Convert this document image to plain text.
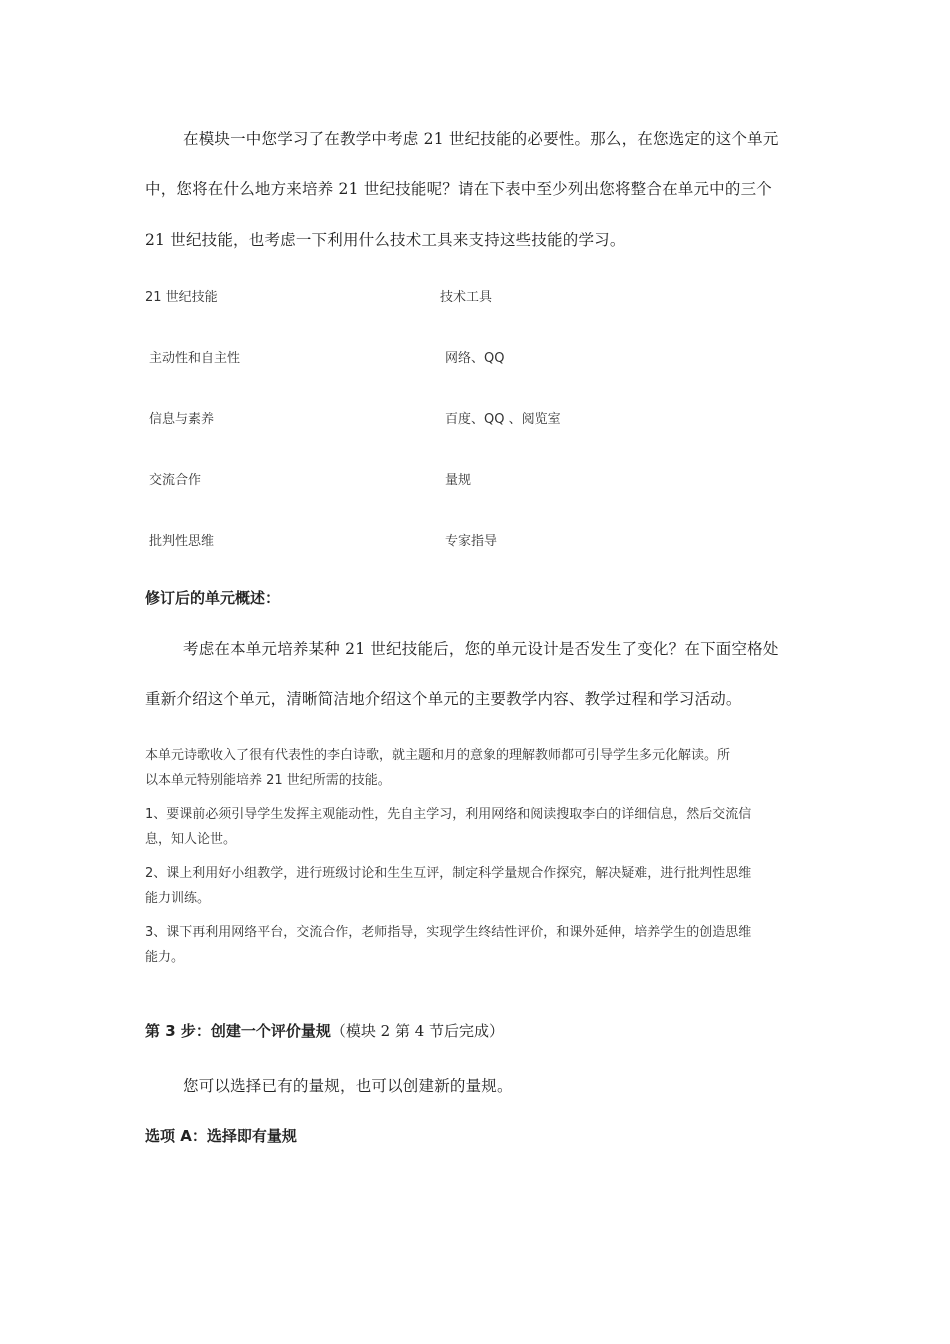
在模块一中您学习了在教学中考虑 21 世纪技能的必要性。那么，在您选定的这个单元
中，您将在什么地方来培养 21 世纪技能呢？请在下表中至少列出您将整合在单元中的三个
21 世纪技能，也考虑一下利用什么技术工具来支持这些技能的学习。
21 世纪技能	技术工具
主动性和自主性	网络、QQ
信息与素养	百度、QQ 、阅览室
交流合作	量规
批判性思维	专家指导
修订后的单元概述：
考虑在本单元培养某种 21 世纪技能后，您的单元设计是否发生了变化？在下面空格处
重新介绍这个单元，清晰简洁地介绍这个单元的主要教学内容、教学过程和学习活动。
本单元诗歌收入了很有代表性的李白诗歌，就主题和月的意象的理解教师都可引导学生多元化解读。所
以本单元特别能培养 21 世纪所需的技能。
1、要课前必须引导学生发挥主观能动性，先自主学习，利用网络和阅读搜取李白的详细信息，然后交流信
息，知人论世。
2、课上利用好小组教学，进行班级讨论和生生互评，制定科学量规合作探究，解决疑难，进行批判性思维
能力训练。
3、课下再利用网络平台，交流合作，老师指导，实现学生终结性评价，和课外延伸，培养学生的创造思维
能力。
第 3 步：创建一个评价量规（模块 2 第 4 节后完成）
您可以选择已有的量规，也可以创建新的量规。
选项 A：选择即有量规
